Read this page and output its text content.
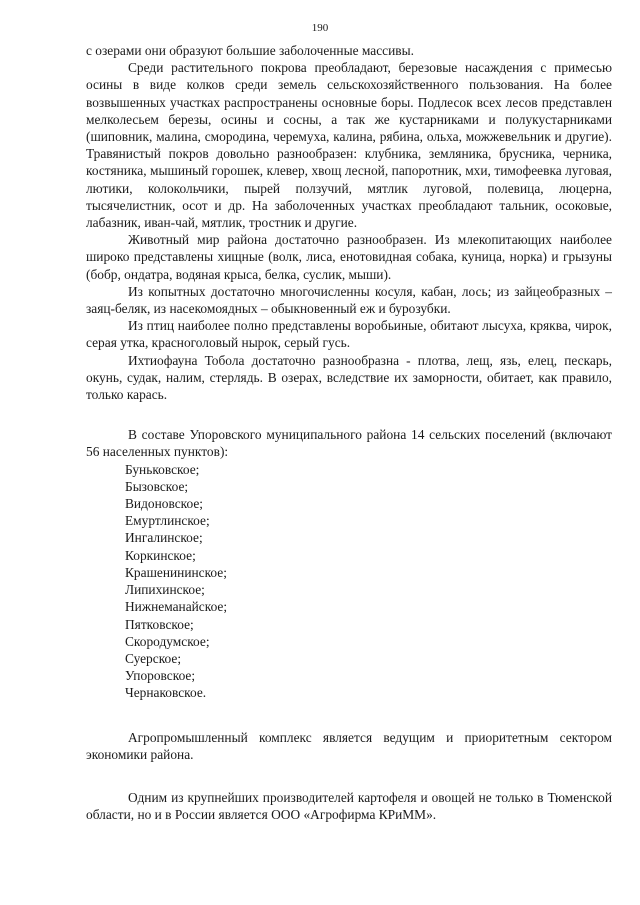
190

с озерами они образуют большие заболоченные массивы.

Среди растительного покрова преобладают, березовые насаждения с примесью осины в виде колков среди земель сельскохозяйственного пользования. На более возвышенных участках распространены основные боры. Подлесок всех лесов представлен мелколесьем березы, осины и сосны, а так же кустарниками и полукустарниками (шиповник, малина, смородина, черемуха, калина, рябина, ольха, можжевельник и другие). Травянистый покров довольно разнообразен: клубника, земляника, брусника, черника, костяника, мышиный горошек, клевер, хвощ лесной, папоротник, мхи, тимофеевка луговая, лютики, колокольчики, пырей ползучий, мятлик луговой, полевица, люцерна, тысячелистник, осот и др. На заболоченных участках преобладают тальник, осоковые, лабазник, иван-чай, мятлик, тростник и другие.

Животный мир района достаточно разнообразен. Из млекопитающих наиболее широко представлены хищные (волк, лиса, енотовидная собака, куница, норка) и грызуны (бобр, ондатра, водяная крыса, белка, суслик, мыши).

Из копытных достаточно многочисленны косуля, кабан, лось; из зайцеобразных – заяц-беляк, из насекомоядных – обыкновенный еж и бурозубки.

Из птиц наиболее полно представлены воробьиные, обитают лысуха, кряква, чирок, серая утка, красноголовый нырок, серый гусь.

Ихтиофауна Тобола достаточно разнообразна - плотва, лещ, язь, елец, пескарь, окунь, судак, налим, стерлядь. В озерах, вследствие их заморности, обитает, как правило, только карась.

В составе Упоровского муниципального района 14 сельских поселений (включают 56 населенных пунктов):

Буньковское;
Бызовское;
Видоновское;
Емуртлинское;
Ингалинское;
Коркинское;
Крашенининское;
Липихинское;
Нижнеманайское;
Пятковское;
Скородумское;
Суерское;
Упоровское;
Чернаковское.

Агропромышленный комплекс является ведущим и приоритетным сектором экономики района.

Одним из крупнейших производителей картофеля и овощей не только в Тюменской области, но и в России является ООО «Агрофирма КРиММ».
